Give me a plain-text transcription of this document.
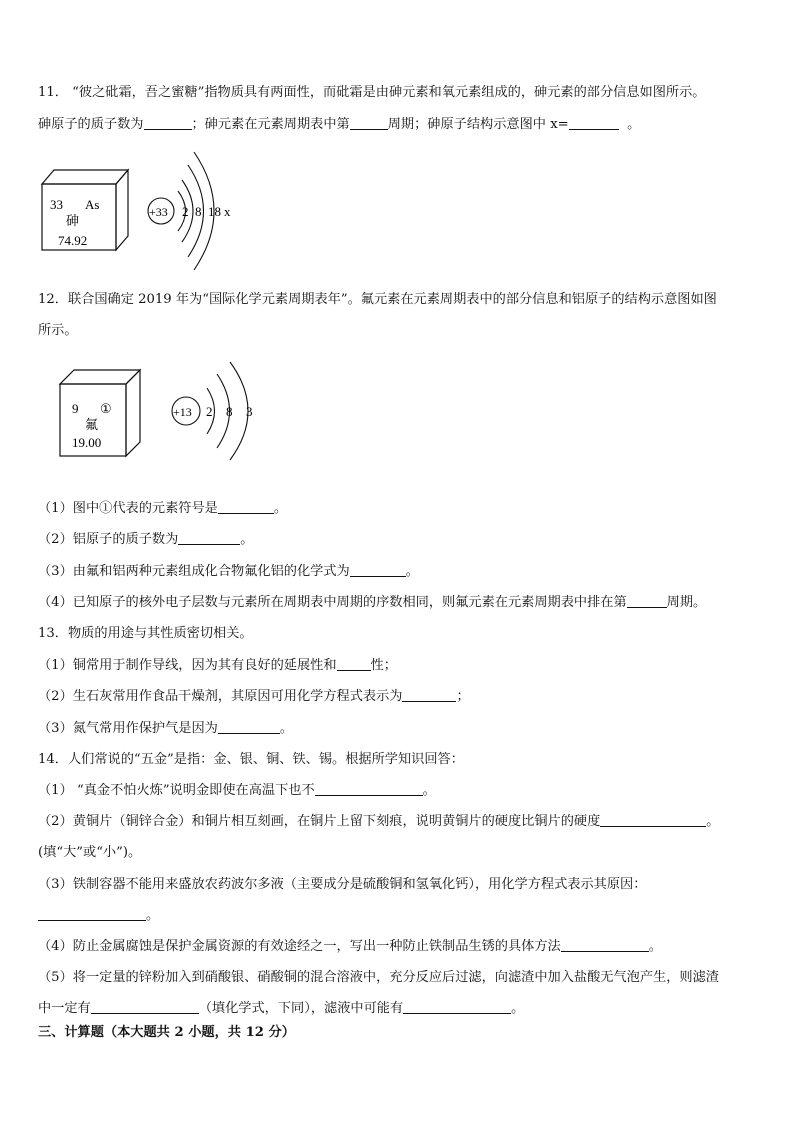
11． “彼之砒霜，吾之蜜糖”指物质具有两面性，而砒霜是由砷元素和氧元素组成的，砷元素的部分信息如图所示。
砷原子的质子数为	；砷元素在元素周期表中第	周期；砷原子结构示意图中 x=	。
33 As
砷
74.92
+33 2 8 18 x
12．联合国确定 2019 年为“国际化学元素周期表年”。氟元素在元素周期表中的部分信息和铝原子的结构示意图如图
所示。
9 ①
氟
19.00
+13 2 8 3
（1）图中①代表的元素符号是	。
（2）铝原子的质子数为	。
（3）由氟和铝两种元素组成化合物氟化铝的化学式为	。
（4）已知原子的核外电子层数与元素所在周期表中周期的序数相同，则氟元素在元素周期表中排在第	周期。
13．物质的用途与其性质密切相关。
（1）铜常用于制作导线，因为其有良好的延展性和	性；
（2）生石灰常用作食品干燥剂，其原因可用化学方程式表示为	；
（3）氮气常用作保护气是因为	。
14．人们常说的“五金”是指：金、银、铜、铁、锡。根据所学知识回答：
（1） “真金不怕火炼”说明金即使在高温下也不	。
（2）黄铜片（铜锌合金）和铜片相互刻画，在铜片上留下刻痕，说明黄铜片的硬度比铜片的硬度	。
(填“大”或“小”)。
（3）铁制容器不能用来盛放农药波尔多液（主要成分是硫酸铜和氢氧化钙），用化学方程式表示其原因：
。
（4）防止金属腐蚀是保护金属资源的有效途经之一，写出一种防止铁制品生锈的具体方法	。
（5）将一定量的锌粉加入到硝酸银、硝酸铜的混合溶液中，充分反应后过滤，向滤渣中加入盐酸无气泡产生，则滤渣
中一定有	（填化学式，下同），滤液中可能有	。
三、计算题（本大题共 2 小题，共 12 分）
